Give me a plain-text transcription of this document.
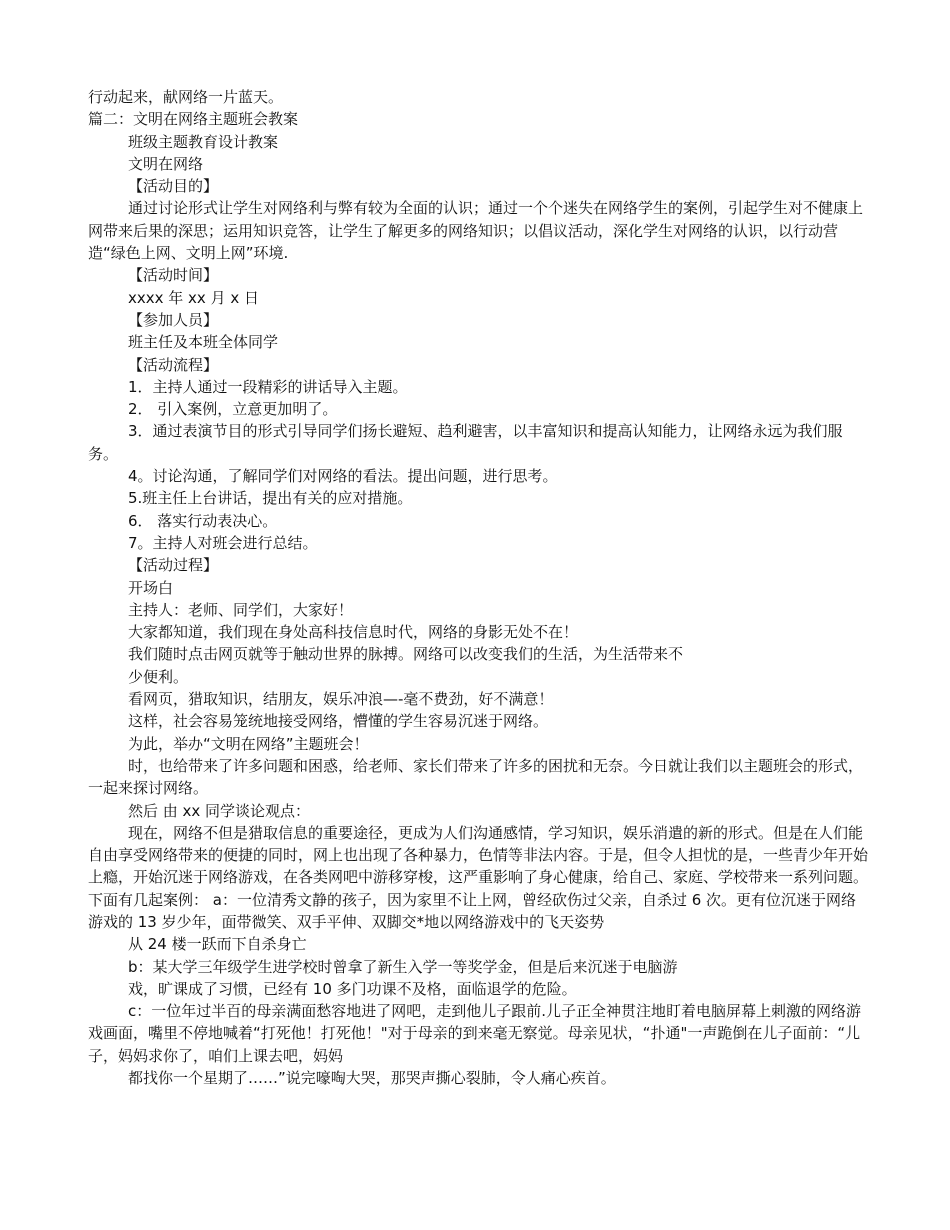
行动起来，献网络一片蓝天。

篇二：文明在网络主题班会教案

班级主题教育设计教案

文明在网络

【活动目的】

通过讨论形式让学生对网络利与弊有较为全面的认识；通过一个个迷失在网络学生的案例，引起学生对不健康上网带来后果的深思；运用知识竞答，让学生了解更多的网络知识；以倡议活动，深化学生对网络的认识，以行动营造“绿色上网、文明上网”环境.

【活动时间】

xxxx 年 xx 月 x 日

【参加人员】

班主任及本班全体同学

【活动流程】

1．主持人通过一段精彩的讲话导入主题。

2． 引入案例，立意更加明了。

3．通过表演节目的形式引导同学们扬长避短、趋利避害，以丰富知识和提高认知能力，让网络永远为我们服务。

4。讨论沟通，了解同学们对网络的看法。提出问题，进行思考。

5.班主任上台讲话，提出有关的应对措施。

6． 落实行动表决心。

7。主持人对班会进行总结。

【活动过程】

开场白

主持人：老师、同学们，大家好！

大家都知道，我们现在身处高科技信息时代，网络的身影无处不在！

我们随时点击网页就等于触动世界的脉搏。网络可以改变我们的生活，为生活带来不

少便利。

看网页，猎取知识，结朋友，娱乐冲浪—-毫不费劲，好不满意！

这样，社会容易笼统地接受网络，懵懂的学生容易沉迷于网络。

为此，举办“文明在网络”主题班会！

时，也给带来了许多问题和困惑，给老师、家长们带来了许多的困扰和无奈。今日就让我们以主题班会的形式，一起来探讨网络。

然后 由 xx 同学谈论观点：

现在，网络不但是猎取信息的重要途径，更成为人们沟通感情，学习知识，娱乐消遣的新的形式。但是在人们能自由享受网络带来的便捷的同时，网上也出现了各种暴力，色情等非法内容。于是，但令人担忧的是，一些青少年开始上瘾，开始沉迷于网络游戏，在各类网吧中游移穿梭，这严重影响了身心健康，给自己、家庭、学校带来一系列问题。下面有几起案例： a：一位清秀文静的孩子，因为家里不让上网，曾经砍伤过父亲，自杀过 6 次。更有位沉迷于网络游戏的 13 岁少年，面带微笑、双手平伸、双脚交*地以网络游戏中的飞天姿势

从 24 楼一跃而下自杀身亡

b：某大学三年级学生进学校时曾拿了新生入学一等奖学金，但是后来沉迷于电脑游

戏，旷课成了习惯，已经有 10 多门功课不及格，面临退学的危险。

c：一位年过半百的母亲满面愁容地进了网吧，走到他儿子跟前.儿子正全神贯注地盯着电脑屏幕上刺激的网络游戏画面，嘴里不停地喊着“打死他！打死他！"对于母亲的到来毫无察觉。母亲见状，“扑通"一声跪倒在儿子面前：“儿子，妈妈求你了，咱们上课去吧，妈妈

都找你一个星期了……”说完嚎啕大哭，那哭声撕心裂肺，令人痛心疾首。
